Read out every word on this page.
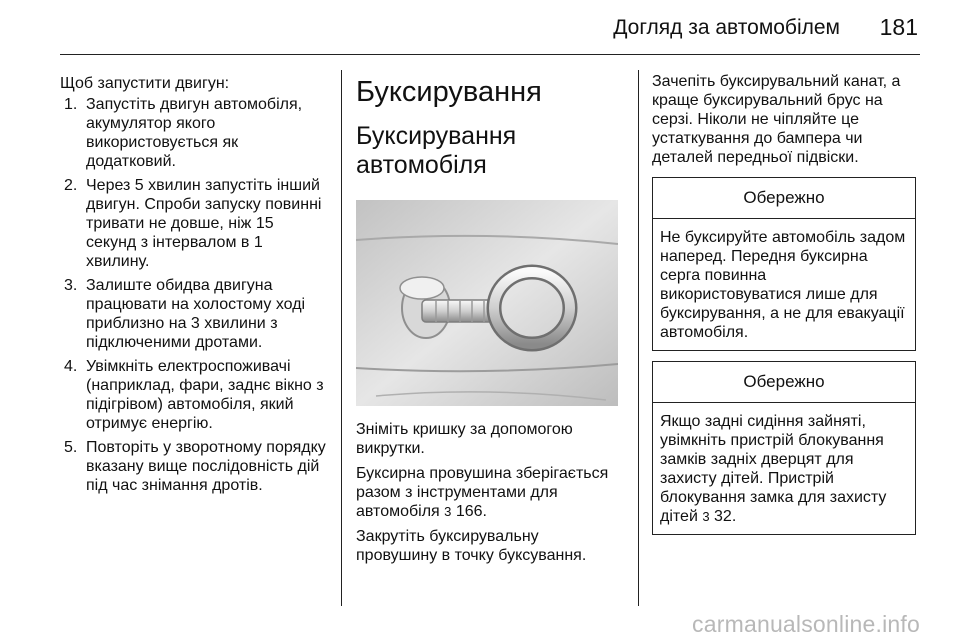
Догляд за автомобілем 181
Щоб запустити двигун:
1. Запустіть двигун автомобіля, акумулятор якого використовується як додатковий.
2. Через 5 хвилин запустіть інший двигун. Спроби запуску повинні тривати не довше, ніж 15 секунд з інтервалом в 1 хвилину.
3. Залиште обидва двигуна працювати на холостому ході приблизно на 3 хвилини з підключеними дротами.
4. Увімкніть електроспоживачі (наприклад, фари, заднє вікно з підігрівом) автомобіля, який отримує енергію.
5. Повторіть у зворотному порядку вказану вище послідовність дій під час знімання дротів.
Буксирування
Буксирування автомобіля
Зніміть кришку за допомогою викрутки.
Буксирна провушина зберігається разом з інструментами для автомобіля 3 166.
Закрутіть буксирувальну провушину в точку буксування.
Зачепіть буксирувальний канат, а краще буксирувальний брус на серзі. Ніколи не чіпляйте це устаткування до бампера чи деталей передньої підвіски.
Обережно
Не буксируйте автомобіль задом наперед. Передня буксирна серга повинна використовуватися лише для буксирування, а не для евакуації автомобіля.
Обережно
Якщо задні сидіння зайняті, увімкніть пристрій блокування замків задніх дверцят для захисту дітей. Пристрій блокування замка для захисту дітей 3 32.
carmanualsonline.info
